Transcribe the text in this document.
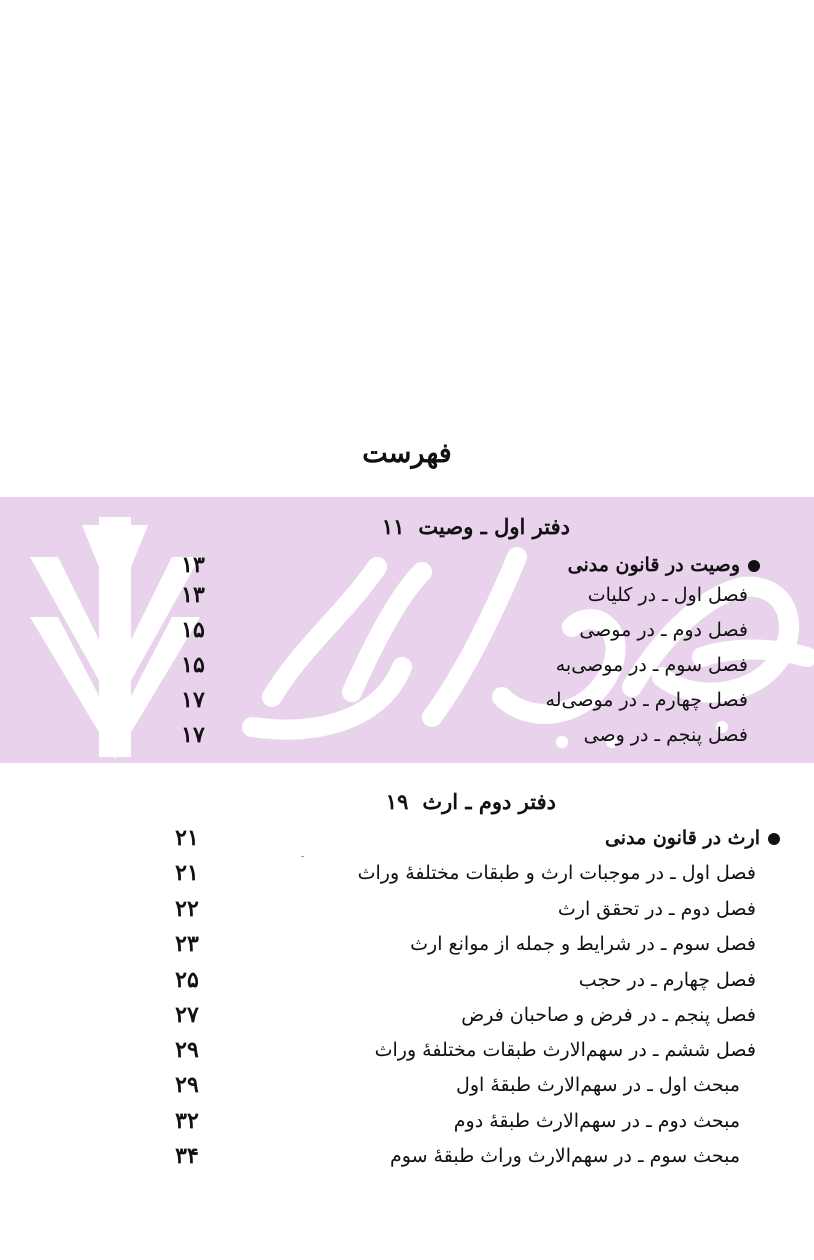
فهرست
دفتر اول ـ وصیت۱۱
وصیت در قانون مدنی
۱۳
فصل اول ـ در کلیات
۱۳
فصل دوم ـ در موصی
۱۵
فصل سوم ـ در موصی‌به
۱۵
فصل چهارم ـ در موصی‌له
۱۷
فصل پنجم ـ در وصی
۱۷
دفتر دوم ـ ارث۱۹
ارث در قانون مدنی
۲۱
فصل اول ـ در موجبات ارث و طبقات مختلفهٔ وراث
۲۱
فصل دوم ـ در تحقق ارث
۲۲
فصل سوم ـ در شرایط و جمله از موانع ارث
۲۳
فصل چهارم ـ در حجب
۲۵
فصل پنجم ـ در فرض و صاحبان فرض
۲۷
فصل ششم ـ در سهم‌الارث طبقات مختلفهٔ وراث
۲۹
مبحث اول ـ در سهم‌الارث طبقهٔ اول
۲۹
مبحث دوم ـ در سهم‌الارث طبقهٔ دوم
۳۲
مبحث سوم ـ در سهم‌الارث وراث طبقهٔ سوم
۳۴
